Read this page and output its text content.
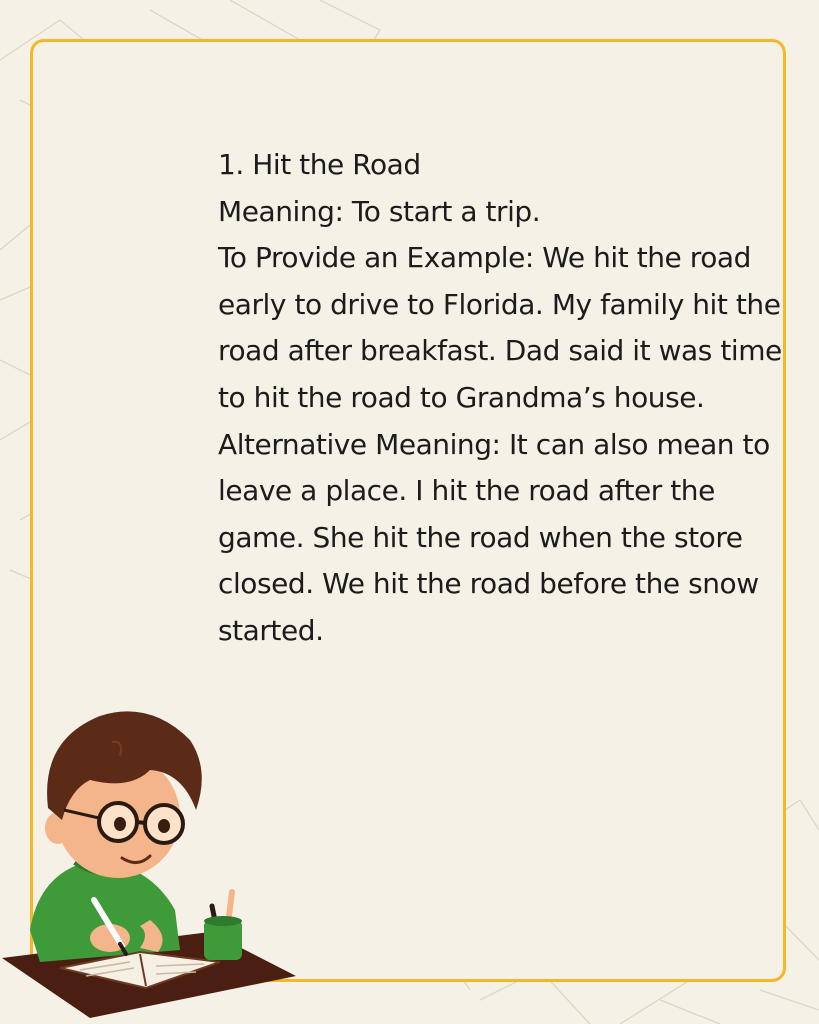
1. Hit the Road
Meaning: To start a trip.
To Provide an Example: We hit the road early to drive to Florida. My family hit the road after breakfast. Dad said it was time to hit the road to Grandma’s house.
Alternative Meaning: It can also mean to leave a place. I hit the road after the game. She hit the road when the store closed. We hit the road before the snow started.
